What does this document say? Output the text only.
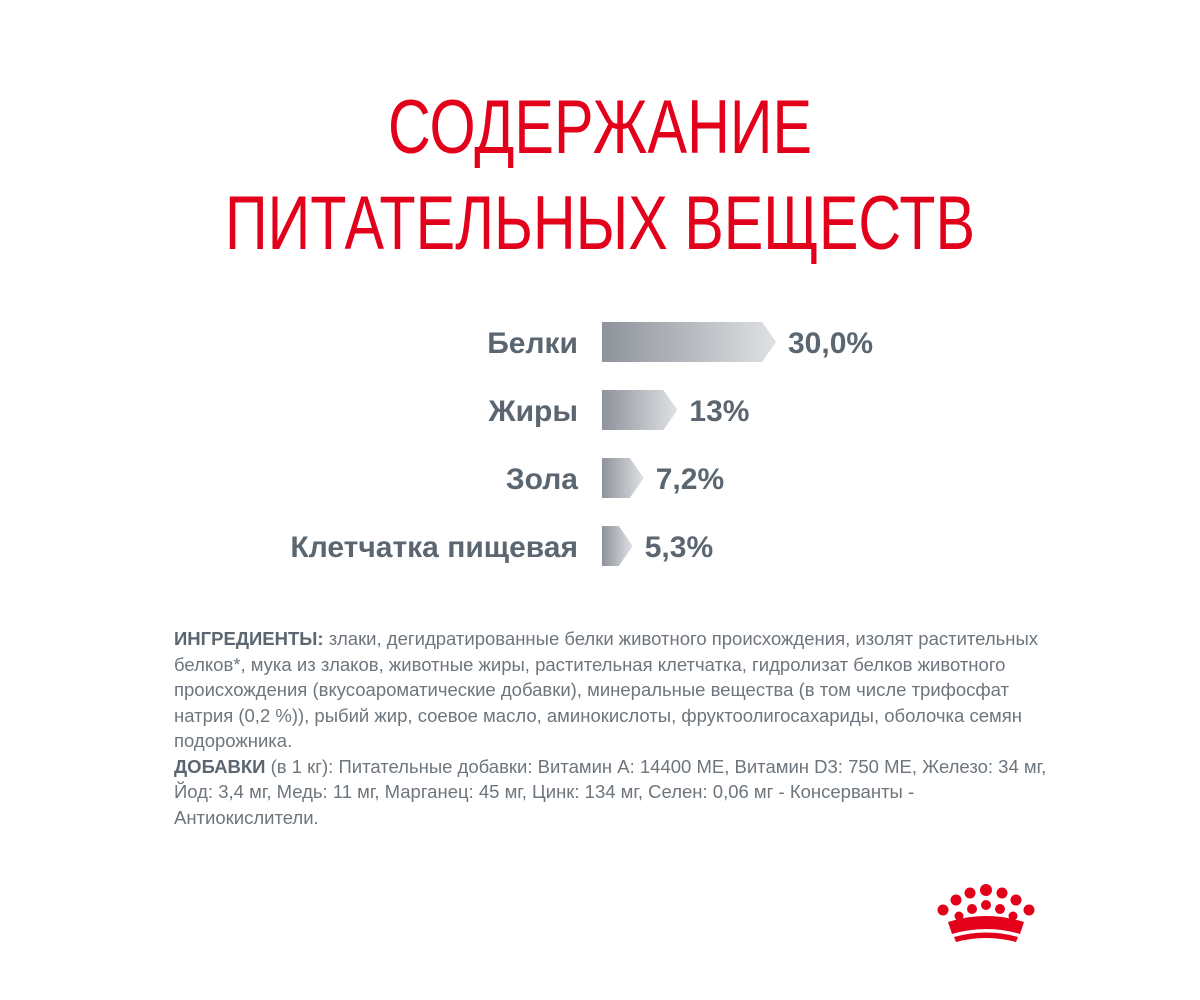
СОДЕРЖАНИЕ
ПИТАТЕЛЬНЫХ ВЕЩЕСТВ
Белки	30,0%
Жиры	13%
Зола	7,2%
Клетчатка пищевая 5,3%

ИНГРЕДИЕНТЫ: злаки, дегидратированные белки животного происхождения, изолят растительных белков*, мука из злаков, животные жиры, растительная клетчатка, гидролизат белков животного происхождения (вкусоароматические добавки), минеральные вещества (в том числе трифосфат натрия (0,2 %)), рыбий жир, соевое масло, аминокислоты, фруктоолигосахариды, оболочка семян подорожника.
ДОБАВКИ (в 1 кг): Питательные добавки: Витамин А: 14400 МЕ, Витамин D3: 750 МЕ, Железо: 34 мг, Йод: 3,4 мг, Медь: 11 мг, Марганец: 45 мг, Цинк: 134 мг, Селен: 0,06 мг - Консерванты - Антиокислители.
